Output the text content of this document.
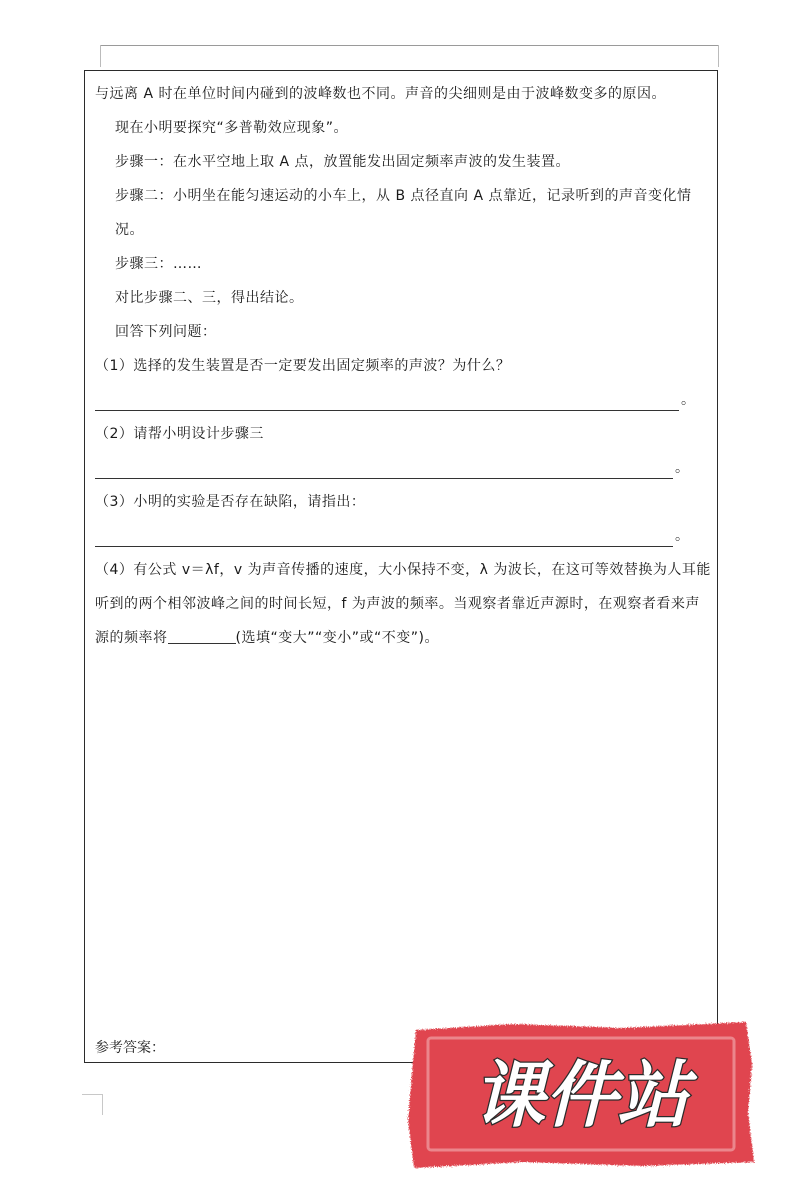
与远离 A 时在单位时间内碰到的波峰数也不同。声音的尖细则是由于波峰数变多的原因。

现在小明要探究“多普勒效应现象”。

步骤一：在水平空地上取 A 点，放置能发出固定频率声波的发生装置。

步骤二：小明坐在能匀速运动的小车上，从 B 点径直向 A 点靠近，记录听到的声音变化情况。

步骤三：……

对比步骤二、三，得出结论。

回答下列问题：

（1）选择的发生装置是否一定要发出固定频率的声波？为什么？

。

（2）请帮小明设计步骤三

。

（3）小明的实验是否存在缺陷，请指出：

。

（4）有公式 v＝λf，v 为声音传播的速度，大小保持不变，λ 为波长，在这可等效替换为人耳能听到的两个相邻波峰之间的时间长短，f 为声波的频率。当观察者靠近声源时，在观察者看来声源的频率将	(选填“变大”“变小”或“不变”)。

参考答案：
课件站
